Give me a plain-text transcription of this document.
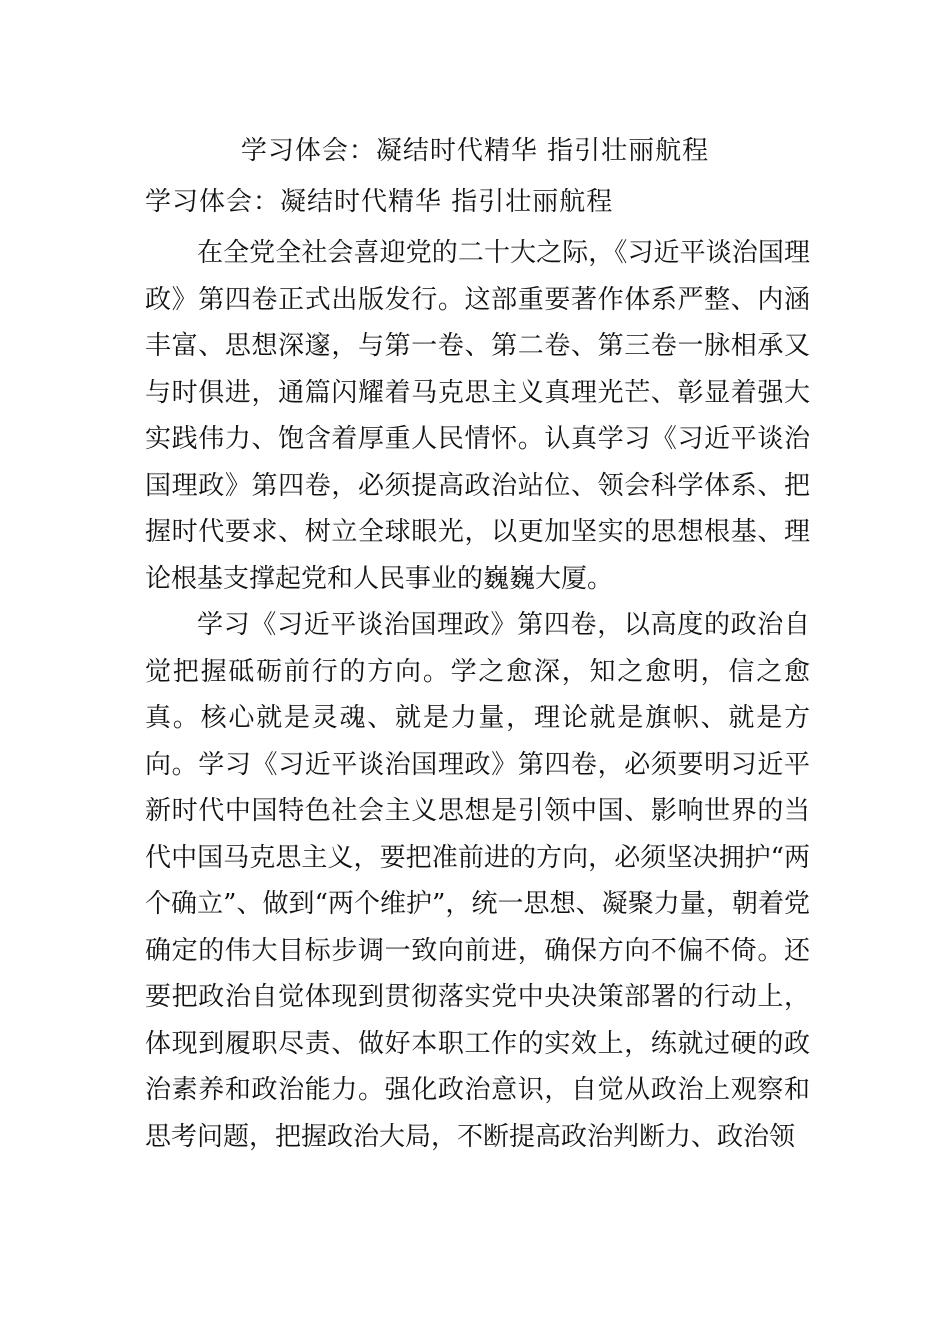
学习体会：凝结时代精华 指引壮丽航程
学习体会：凝结时代精华 指引壮丽航程

在全党全社会喜迎党的二十大之际，《习近平谈治国理政》第四卷正式出版发行。这部重要著作体系严整、内涵丰富、思想深邃，与第一卷、第二卷、第三卷一脉相承又与时俱进，通篇闪耀着马克思主义真理光芒、彰显着强大实践伟力、饱含着厚重人民情怀。认真学习《习近平谈治国理政》第四卷，必须提高政治站位、领会科学体系、把握时代要求、树立全球眼光，以更加坚实的思想根基、理论根基支撑起党和人民事业的巍巍大厦。

学习《习近平谈治国理政》第四卷，以高度的政治自觉把握砥砺前行的方向。学之愈深，知之愈明，信之愈真。核心就是灵魂、就是力量，理论就是旗帜、就是方向。学习《习近平谈治国理政》第四卷，必须要明习近平新时代中国特色社会主义思想是引领中国、影响世界的当代中国马克思主义，要把准前进的方向，必须坚决拥护“两个确立”、做到“两个维护”，统一思想、凝聚力量，朝着党确定的伟大目标步调一致向前进，确保方向不偏不倚。还要把政治自觉体现到贯彻落实党中央决策部署的行动上，体现到履职尽责、做好本职工作的实效上，练就过硬的政治素养和政治能力。强化政治意识，自觉从政治上观察和思考问题，把握政治大局，不断提高政治判断力、政治领
